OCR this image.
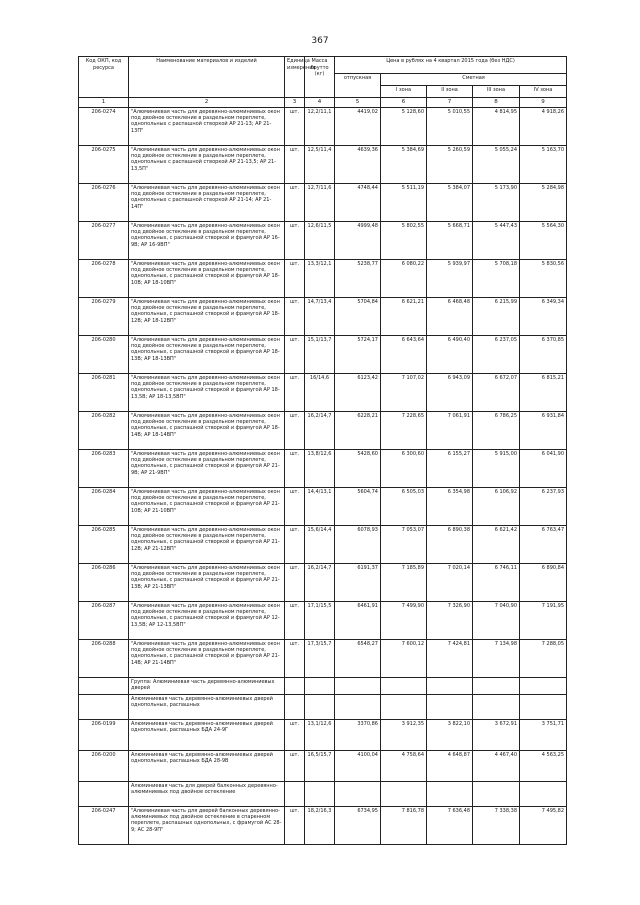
367
Код ОКП, код ресурса	Наименование материалов и изделий	Единица измерения	Масса брутто (кг)	Цена в рублях на 4 квартал 2015 года (без НДС)				
				отпускная	Сметная			
					I зона	II зона	III зона	IV зона
1	2	3	4	5	6	7	8	9
206-0274	"Алюминиевая часть для деревянно-алюминиевых окон под двойное остекление в раздельном переплете, однопольных с распашной створкой АР 21-13; АР 21-13П"	шт.	12,2/11,1	4419,02	5 128,60	5 010,55	4 814,95	4 918,26
206-0275	"Алюминиевая часть для деревянно-алюминиевых окон под двойное остекление в раздельном переплете, однопольных с распашной створкой АР 21-13,5; АР 21-13,5П"	шт.	12,5/11,4	4639,36	5 384,69	5 260,59	5 055,24	5 163,70
206-0276	"Алюминиевая часть для деревянно-алюминиевых окон под двойное остекление в раздельном переплете, однопольных с распашной створкой АР 21-14; АР 21-14П"	шт.	12,7/11,6	4748,44	5 511,19	5 384,07	5 173,90	5 284,98
206-0277	"Алюминиевая часть для деревянно-алюминиевых окон под двойное остекление в раздельном переплете, однопольных, с распашной створкой и фрамугой АР 16-9В; АР 16-9ВП"	шт.	12,6/11,5	4999,48	5 802,55	5 668,71	5 447,43	5 564,30
206-0278	"Алюминиевая часть для деревянно-алюминиевых окон под двойное остекление в раздельном переплете, однопольных, с распашной створкой и фрамугой АР 18-10В; АР 18-10ВП"	шт.	13,3/12,1	5238,77	6 080,22	5 939,97	5 708,18	5 830,56
206-0279	"Алюминиевая часть для деревянно-алюминиевых окон под двойное остекление в раздельном переплете, однопольных, с распашной створкой и фрамугой АР 18-12В; АР 18-12ВП"	шт.	14,7/13,4	5704,84	6 621,21	6 468,48	6 215,99	6 349,34
206-0280	"Алюминиевая часть для деревянно-алюминиевых окон под двойное остекление в раздельном переплете, однопольных, с распашной створкой и фрамугой АР 18-13В; АР 18-13ВП"	шт.	15,1/13,7	5724,17	6 643,64	6 490,40	6 237,05	6 370,85
206-0281	"Алюминиевая часть для деревянно-алюминиевых окон под двойное остекление в раздельном переплете, однопольных, с распашной створкой и фрамугой АР 18-13,5В; АР 18-13,5ВП"	шт.	16/14,6	6123,42	7 107,02	6 943,09	6 672,07	6 815,21
206-0282	"Алюминиевая часть для деревянно-алюминиевых окон под двойное остекление в раздельном переплете, однопольных, с распашной створкой и фрамугой АР 18-14В; АР 18-14ВП"	шт.	16,2/14,7	6228,21	7 228,65	7 061,91	6 786,25	6 931,84
206-0283	"Алюминиевая часть для деревянно-алюминиевых окон под двойное остекление в раздельном переплете, однопольных, с распашной створкой и фрамугой АР 21-9В; АР 21-9ВП"	шт.	13,8/12,6	5428,60	6 300,60	6 155,27	5 915,00	6 041,90
206-0284	"Алюминиевая часть для деревянно-алюминиевых окон под двойное остекление в раздельном переплете, однопольных, с распашной створкой и фрамугой АР 21-10В; АР 21-10ВП"	шт.	14,4/13,1	5604,74	6 505,03	6 354,98	6 106,92	6 237,93
206-0285	"Алюминиевая часть для деревянно-алюминиевых окон под двойное остекление в раздельном переплете, однопольных, с распашной створкой и фрамугой АР 21-12В; АР 21-12ВП"	шт.	15,6/14,4	6078,93	7 053,07	6 890,38	6 621,42	6 763,47
206-0286	"Алюминиевая часть для деревянно-алюминиевых окон под двойное остекление в раздельном переплете, однопольных, с распашной створкой и фрамугой АР 21-13В; АР 21-13ВП"	шт.	16,2/14,7	6191,37	7 185,89	7 020,14	6 746,11	6 890,84
206-0287	"Алюминиевая часть для деревянно-алюминиевых окон под двойное остекление в раздельном переплете, однопольных, с распашной створкой и фрамугой АР 12-13,5В; АР 12-13,5ВП"	шт.	17,1/15,5	6461,91	7 499,90	7 326,90	7 040,90	7 191,95
206-0288	"Алюминиевая часть для деревянно-алюминиевых окон под двойное остекление в раздельном переплете, однопольных, с распашной створкой и фрамугой АР 21-14В; АР 21-14ВП"	шт.	17,3/15,7	6548,27	7 600,12	7 424,81	7 134,98	7 288,05
	Группа: Алюминиевая часть деревянно-алюминиевых дверей							
	Алюминиевая часть деревянно-алюминиевых дверей однопольных, распашных							
206-0199	Алюминиевая часть деревянно-алюминиевых дверей однопольных, распашных БДА 24-9Г	шт.	13,1/12,6	3370,86	3 912,35	3 822,10	3 672,91	3 751,71
206-0200	Алюминиевая часть деревянно-алюминиевых дверей однопольных, распашных БДА 28-9В	шт.	16,5/15,7	4100,04	4 758,64	4 648,87	4 467,40	4 563,25
	Алюминиевая часть для дверей балконных деревянно-алюминиевых под двойное остекление							
206-0247	"Алюминиевая часть для дверей балконных деревянно-алюминиевых под двойное остекление в спаренном переплете, распашных однопольных, с фрамугой АС 28-9; АС 28-9П"	шт.	18,2/16,3	6734,95	7 816,78	7 636,48	7 338,38	7 495,82
